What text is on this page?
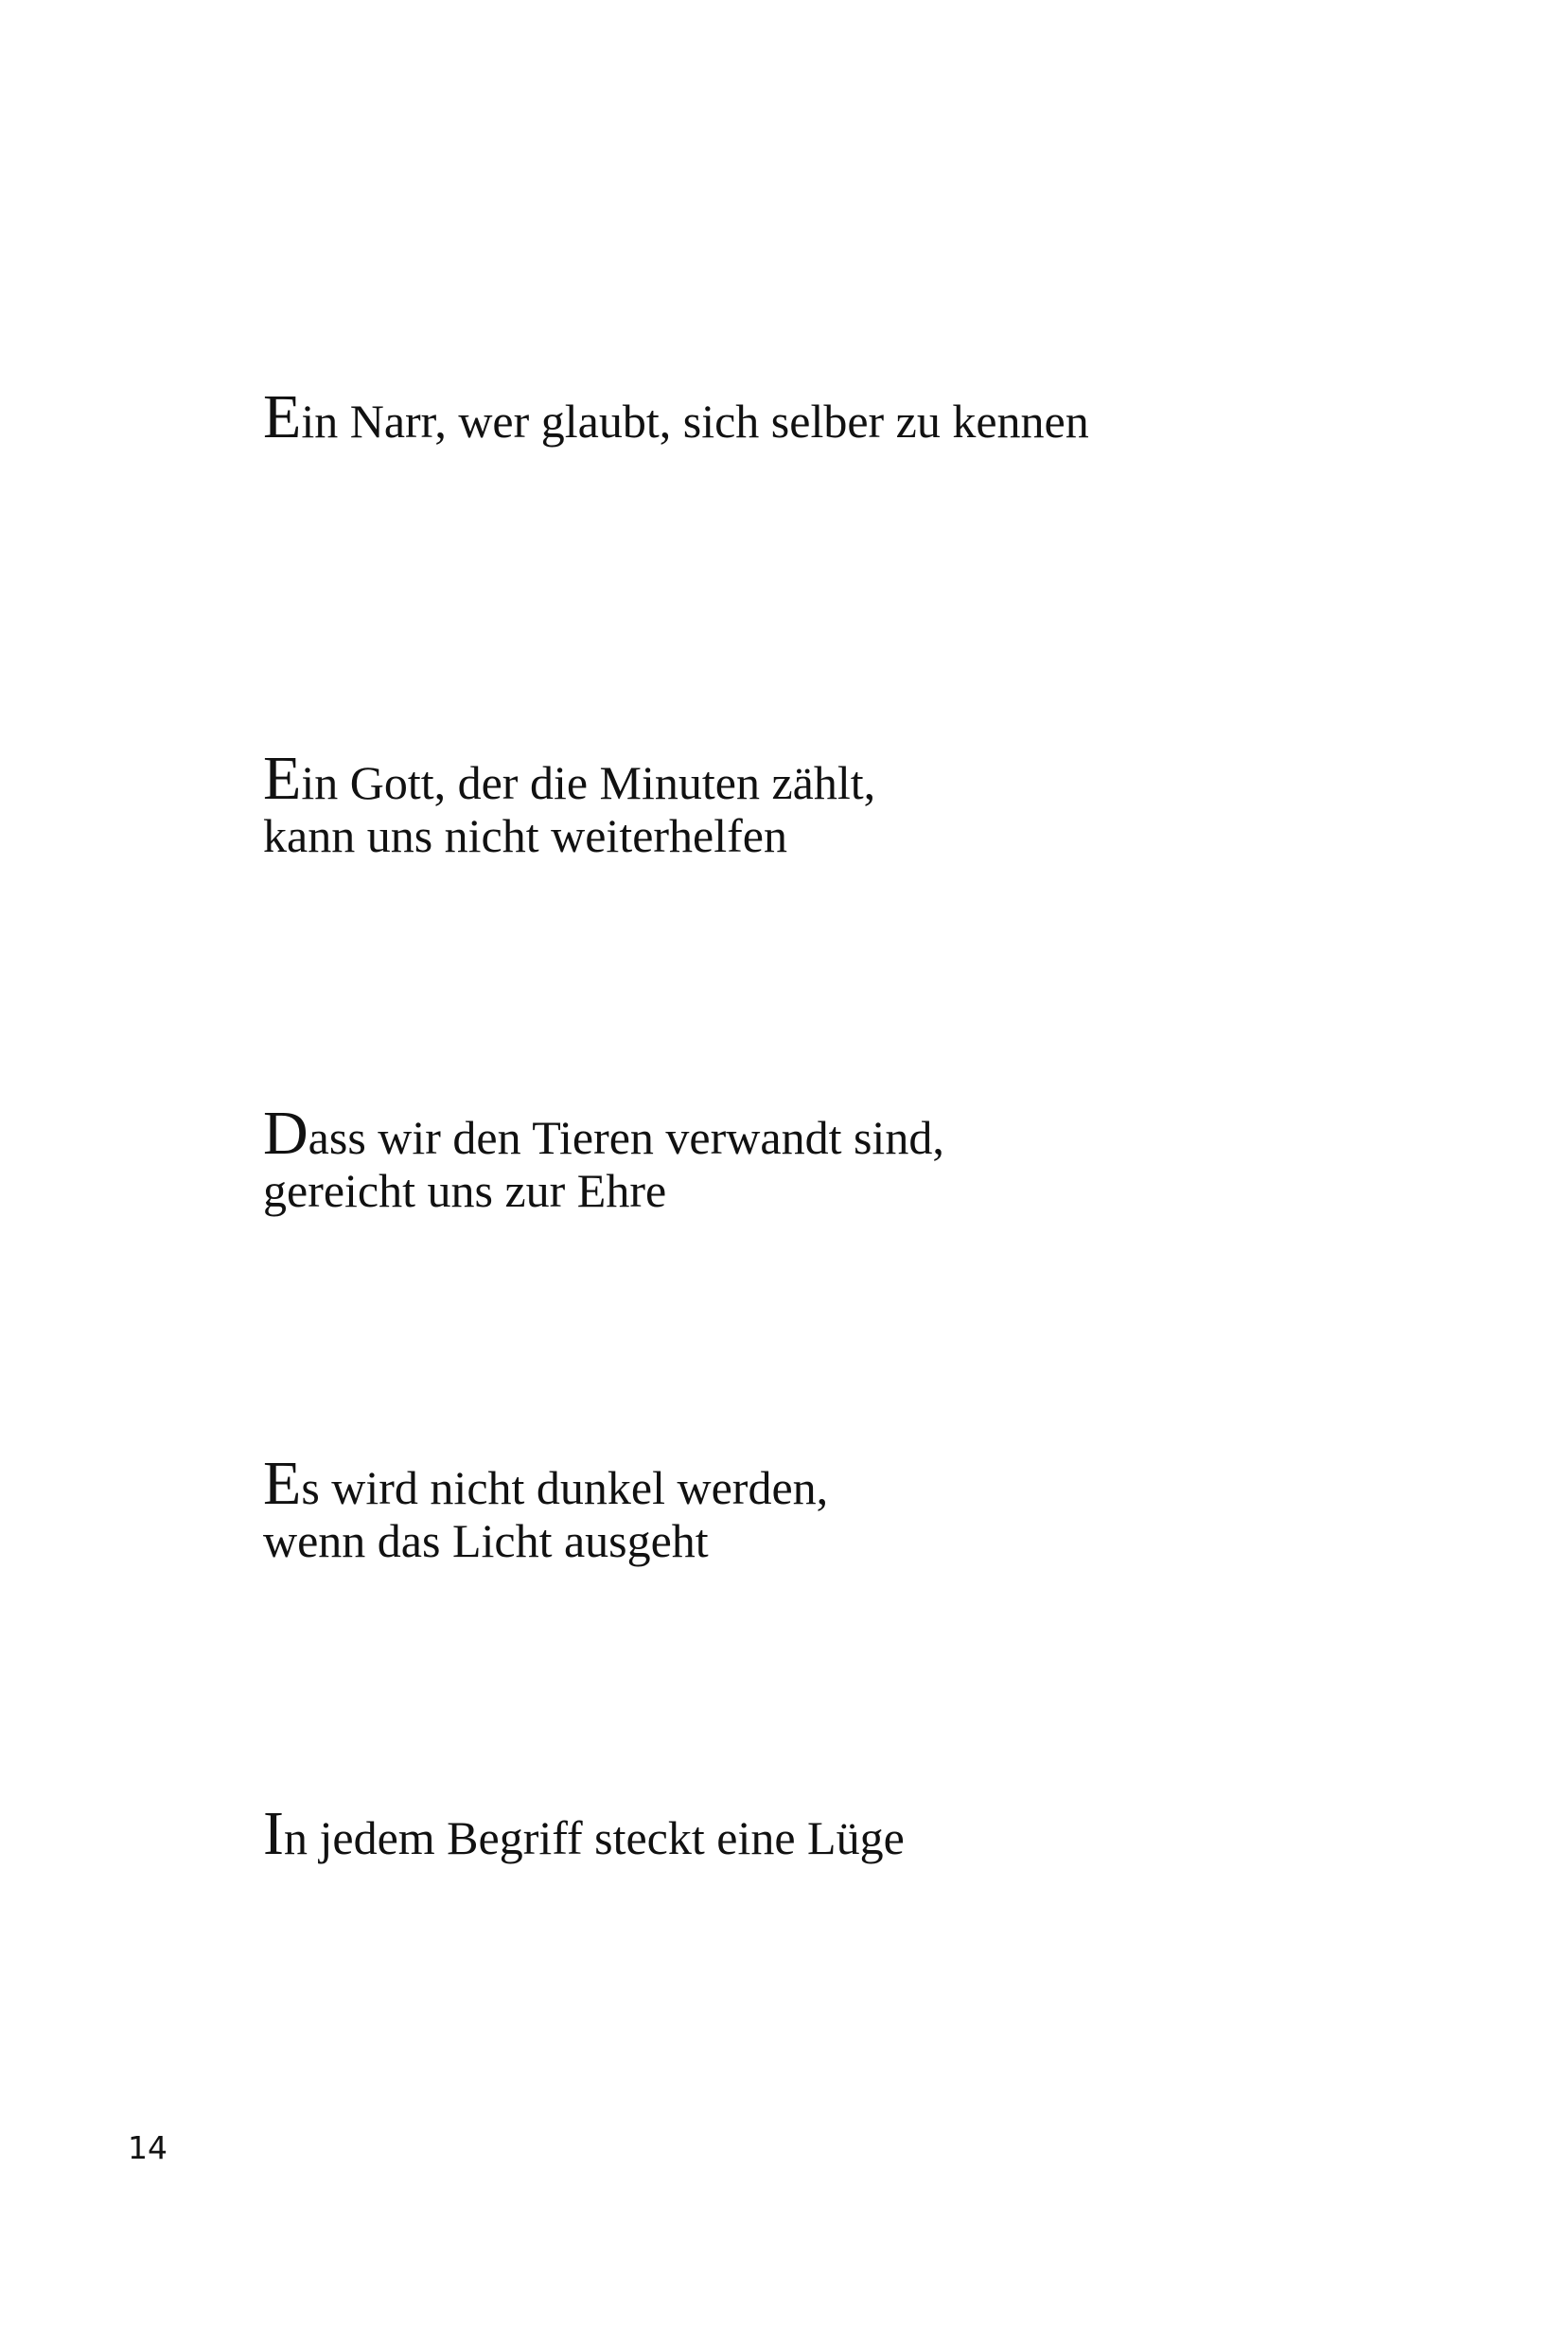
Ein Narr, wer glaubt, sich selber zu kennen
Ein Gott, der die Minuten zählt,
kann uns nicht weiterhelfen
Dass wir den Tieren verwandt sind,
gereicht uns zur Ehre
Es wird nicht dunkel werden,
wenn das Licht ausgeht
In jedem Begriff steckt eine Lüge
14
